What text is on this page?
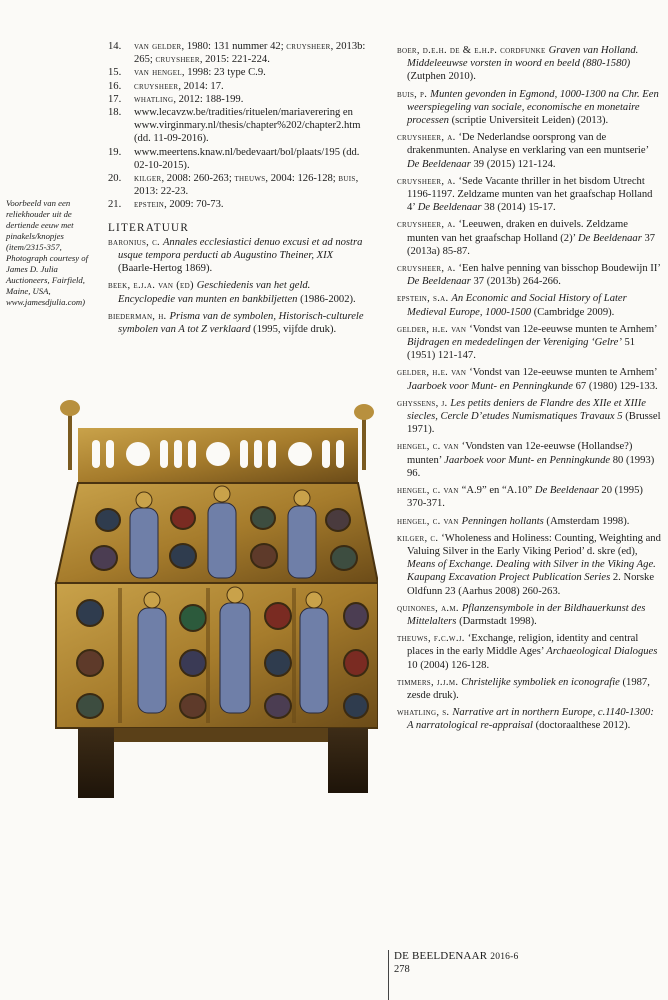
14. van gelder, 1980: 131 nummer 42; cruysheer, 2013b: 265; cruysheer, 2015: 221-224.

15. van hengel, 1998: 23 type C.9.

16. cruysheer, 2014: 17.

17. whatling, 2012: 188-199.

18. www.lecavzw.be/tradities/rituelen/mariaverering en www.virginmary.nl/thesis/chapter%202/chapter2.htm (dd. 11-09-2016).

19. www.meertens.knaw.nl/bedevaart/bol/plaats/195 (dd. 02-10-2015).

20. kilger, 2008: 260-263; theuws, 2004: 126-128; buis, 2013: 22-23.

21. epstein, 2009: 70-73.

LITERATUUR

baronius, c. Annales ecclesiastici denuo excusi et ad nostra usque tempora perducti ab Augustino Theiner, XIX (Baarle-Hertog 1869).

beek, e.j.a. van (ed) Geschiedenis van het geld. Encyclopedie van munten en bankbiljetten (1986-2002).

biederman, h. Prisma van de symbolen, Historisch-culturele symbolen van A tot Z verklaard (1995, vijfde druk).

Voorbeeld van een reliekhouder uit de dertiende eeuw met pinakels/knopjes (item/2315-357, Photograph courtesy of James D. Julia Auctioneers, Fairfield, Maine, USA, www.jamesdjulia.com)

boer, d.e.h. de & e.h.p. cordfunke Graven van Holland. Middeleeuwse vorsten in woord en beeld (880-1580) (Zutphen 2010).

buis, p. Munten gevonden in Egmond, 1000-1300 na Chr. Een weerspiegeling van sociale, economische en monetaire processen (scriptie Universiteit Leiden) (2013).

cruysheer, a. ‘De Nederlandse oorsprong van de drakenmunten. Analyse en verklaring van een muntserie’ De Beeldenaar 39 (2015) 121-124.

cruysheer, a. ‘Sede Vacante thriller in het bisdom Utrecht 1196-1197. Zeldzame munten van het graafschap Holland 4’ De Beeldenaar 38 (2014) 15-17.

cruysheer, a. ‘Leeuwen, draken en duivels. Zeldzame munten van het graafschap Holland (2)’ De Beeldenaar 37 (2013a) 85-87.

cruysheer, a. ‘Een halve penning van bisschop Boudewijn II’ De Beeldenaar 37 (2013b) 264-266.

epstein, s.a. An Economic and Social History of Later Medieval Europe, 1000-1500 (Cambridge 2009).

gelder, h.e. van ‘Vondst van 12e-eeuwse munten te Arnhem’ Bijdragen en mededelingen der Vereniging ‘Gelre’ 51 (1951) 121-147.

gelder, h.e. van ‘Vondst van 12e-eeuwse munten te Arnhem’ Jaarboek voor Munt- en Penningkunde 67 (1980) 129-133.

ghyssens, j. Les petits deniers de Flandre des XIIe et XIIIe siecles, Cercle D’etudes Numismatiques Travaux 5 (Brussel 1971).

hengel, c. van ‘Vondsten van 12e-eeuwse (Hollandse?) munten’ Jaarboek voor Munt- en Penningkunde 80 (1993) 96.

hengel, c. van “A.9” en “A.10” De Beeldenaar 20 (1995) 370-371.

hengel, c. van Penningen hollants (Amsterdam 1998).

kilger, c. ‘Wholeness and Holiness: Counting, Weighting and Valuing Silver in the Early Viking Period’ d. skre (ed), Means of Exchange. Dealing with Silver in the Viking Age. Kaupang Excavation Project Publication Series 2. Norske Oldfunn 23 (Aarhus 2008) 260-263.

quinones, a.m. Pflanzensymbole in der Bildhauerkunst des Mittelalters (Darmstadt 1998).

theuws, f.c.w.j. ‘Exchange, religion, identity and central places in the early Middle Ages’ Archaeological Dialogues 10 (2004) 126-128.

timmers, j.j.m. Christelijke symboliek en iconografie (1987, zesde druk).

whatling, s. Narrative art in northern Europe, c.1140-1300: A narratological re-appraisal (doctoraalthese 2012).

DE BEELDENAAR 2016-6
278
